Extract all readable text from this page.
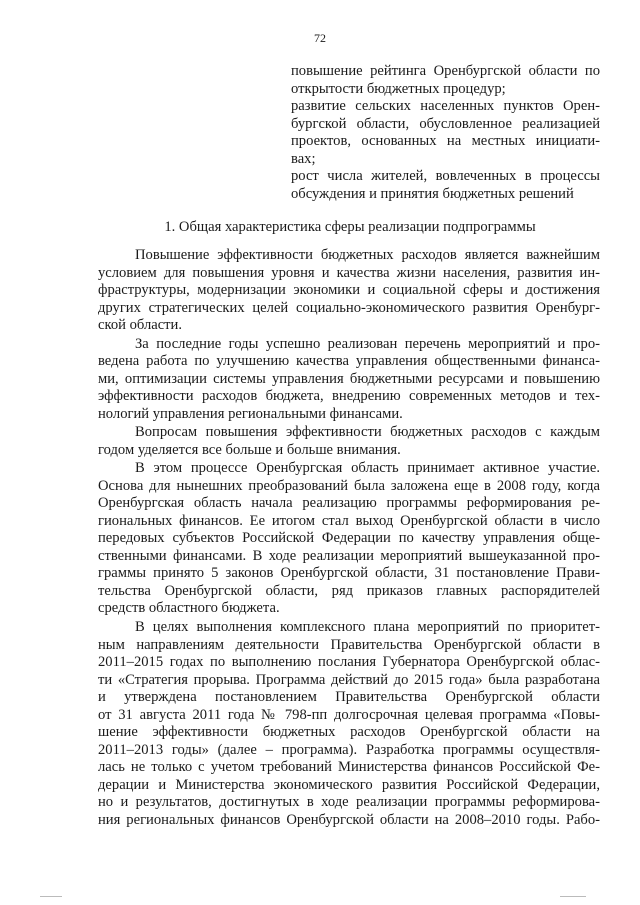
72
повышение рейтинга Оренбургской области по
открытости бюджетных процедур;
развитие сельских населенных пунктов Орен-
бургской области, обусловленное реализацией
проектов, основанных на местных инициати-
вах;
рост числа жителей, вовлеченных в процессы
обсуждения и принятия бюджетных решений
1. Общая характеристика сферы реализации подпрограммы
Повышение эффективности бюджетных расходов является важнейшим
условием для повышения уровня и качества жизни населения, развития ин-
фраструктуры, модернизации экономики и социальной сферы и достижения
других стратегических целей социально-экономического развития Оренбург-
ской области.
За последние годы успешно реализован перечень мероприятий и про-
ведена работа по улучшению качества управления общественными финанса-
ми, оптимизации системы управления бюджетными ресурсами и повышению
эффективности расходов бюджета, внедрению современных методов и тех-
нологий управления региональными финансами.
Вопросам повышения эффективности бюджетных расходов с каждым
годом уделяется все больше и больше внимания.
В этом процессе Оренбургская область принимает активное участие.
Основа для нынешних преобразований была заложена еще в 2008 году, когда
Оренбургская область начала реализацию программы реформирования ре-
гиональных финансов. Ее итогом стал выход Оренбургской области в число
передовых субъектов Российской Федерации по качеству управления обще-
ственными финансами. В ходе реализации мероприятий вышеуказанной про-
граммы принято 5 законов Оренбургской области, 31 постановление Прави-
тельства Оренбургской области, ряд приказов главных распорядителей
средств областного бюджета.
В целях выполнения комплексного плана мероприятий по приоритет-
ным направлениям деятельности Правительства Оренбургской области в
2011–2015 годах по выполнению послания Губернатора Оренбургской облас-
ти «Стратегия прорыва. Программа действий до 2015 года» была разработана
и утверждена постановлением Правительства Оренбургской области
от 31 августа 2011 года № 798-пп долгосрочная целевая программа «Повы-
шение эффективности бюджетных расходов Оренбургской области на
2011–2013 годы» (далее – программа). Разработка программы осуществля-
лась не только с учетом требований Министерства финансов Российской Фе-
дерации и Министерства экономического развития Российской Федерации,
но и результатов, достигнутых в ходе реализации программы реформирова-
ния региональных финансов Оренбургской области на 2008–2010 годы. Рабо-
